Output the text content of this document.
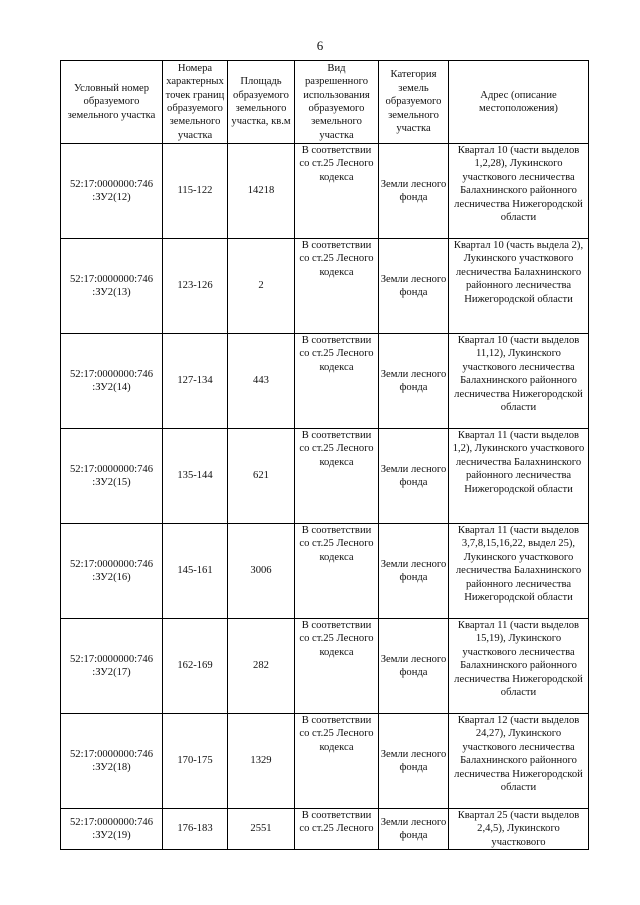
6
Условный номер образуемого земельного участка	Номера характерных точек границ образуемого земельного участка	Площадь образуемого земельного участка, кв.м	Вид разрешенного использования образуемого земельного участка	Категория земель образуемого земельного участка	Адрес (описание местоположения)
52:17:0000000:746 :ЗУ2(12)	115-122	14218	В соответствии со ст.25 Лесного кодекса	Земли лесного фонда	Квартал 10 (части выделов 1,2,28), Лукинского участкового лесничества Балахнинского районного лесничества Нижегородской области
52:17:0000000:746 :ЗУ2(13)	123-126	2	В соответствии со ст.25 Лесного кодекса	Земли лесного фонда	Квартал 10 (часть выдела 2), Лукинского участкового лесничества Балахнинского районного лесничества Нижегородской области
52:17:0000000:746 :ЗУ2(14)	127-134	443	В соответствии со ст.25 Лесного кодекса	Земли лесного фонда	Квартал 10 (части выделов 11,12), Лукинского участкового лесничества Балахнинского районного лесничества Нижегородской области
52:17:0000000:746 :ЗУ2(15)	135-144	621	В соответствии со ст.25 Лесного кодекса	Земли лесного фонда	Квартал 11 (части выделов 1,2), Лукинского участкового лесничества Балахнинского районного лесничества Нижегородской области
52:17:0000000:746 :ЗУ2(16)	145-161	3006	В соответствии со ст.25 Лесного кодекса	Земли лесного фонда	Квартал 11 (части выделов 3,7,8,15,16,22, выдел 25), Лукинского участкового лесничества Балахнинского районного лесничества Нижегородской области
52:17:0000000:746 :ЗУ2(17)	162-169	282	В соответствии со ст.25 Лесного кодекса	Земли лесного фонда	Квартал 11 (части выделов 15,19), Лукинского участкового лесничества Балахнинского районного лесничества Нижегородской области
52:17:0000000:746 :ЗУ2(18)	170-175	1329	В соответствии со ст.25 Лесного кодекса	Земли лесного фонда	Квартал 12 (части выделов 24,27), Лукинского участкового лесничества Балахнинского районного лесничества Нижегородской области
52:17:0000000:746 :ЗУ2(19)	176-183	2551	В соответствии со ст.25 Лесного	Земли лесного фонда	Квартал 25 (части выделов 2,4,5), Лукинского участкового
